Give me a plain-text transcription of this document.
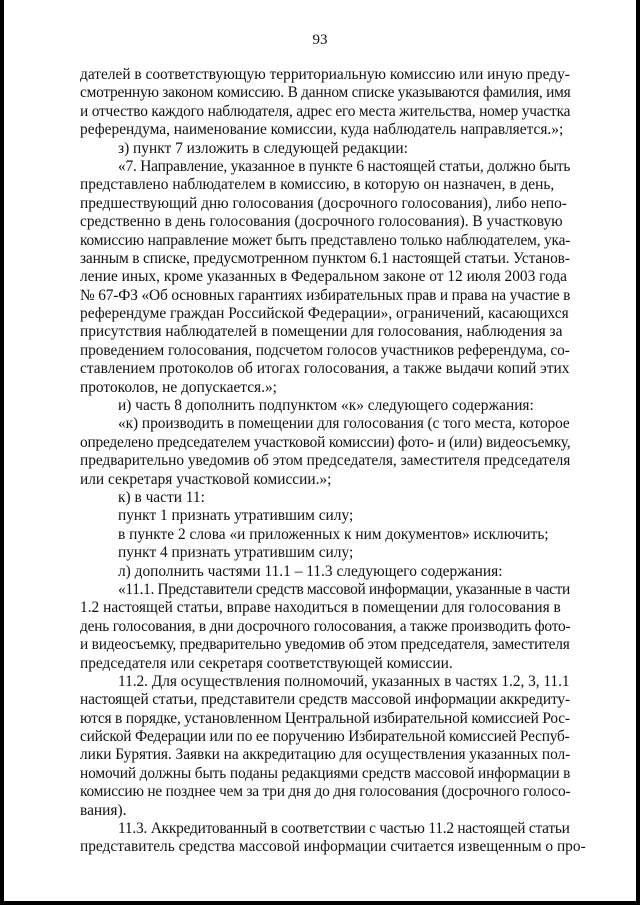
93
дателей в соответствующую территориальную комиссию или иную преду-
смотренную законом комиссию. В данном списке указываются фамилия, имя
и отчество каждого наблюдателя, адрес его места жительства, номер участка
референдума, наименование комиссии, куда наблюдатель направляется.»;
з) пункт 7 изложить в следующей редакции:
«7. Направление, указанное в пункте 6 настоящей статьи, должно быть
представлено наблюдателем в комиссию, в которую он назначен, в день,
предшествующий дню голосования (досрочного голосования), либо непо-
средственно в день голосования (досрочного голосования). В участковую
комиссию направление может быть представлено только наблюдателем, ука-
занным в списке, предусмотренном пунктом 6.1 настоящей статьи. Установ-
ление иных, кроме указанных в Федеральном законе от 12 июля 2003 года
№ 67-ФЗ «Об основных гарантиях избирательных прав и права на участие в
референдуме граждан Российской Федерации», ограничений, касающихся
присутствия наблюдателей в помещении для голосования, наблюдения за
проведением голосования, подсчетом голосов участников референдума, со-
ставлением протоколов об итогах голосования, а также выдачи копий этих
протоколов, не допускается.»;
и) часть 8 дополнить подпунктом «к» следующего содержания:
«к) производить в помещении для голосования (с того места, которое
определено председателем участковой комиссии) фото- и (или) видеосъемку,
предварительно уведомив об этом председателя, заместителя председателя
или секретаря участковой комиссии.»;
к) в части 11:
пункт 1 признать утратившим силу;
в пункте 2 слова «и приложенных к ним документов» исключить;
пункт 4 признать утратившим силу;
л) дополнить частями 11.1 – 11.3 следующего содержания:
«11.1. Представители средств массовой информации, указанные в части
1.2 настоящей статьи, вправе находиться в помещении для голосования в
день голосования, в дни досрочного голосования, а также производить фото-
и видеосъемку, предварительно уведомив об этом председателя, заместителя
председателя или секретаря соответствующей комиссии.
11.2. Для осуществления полномочий, указанных в частях 1.2, 3, 11.1
настоящей статьи, представители средств массовой информации аккредиту-
ются в порядке, установленном Центральной избирательной комиссией Рос-
сийской Федерации или по ее поручению Избирательной комиссией Респуб-
лики Бурятия. Заявки на аккредитацию для осуществления указанных пол-
номочий должны быть поданы редакциями средств массовой информации в
комиссию не позднее чем за три дня до дня голосования (досрочного голосо-
вания).
11.3. Аккредитованный в соответствии с частью 11.2 настоящей статьи
представитель средства массовой информации считается извещенным о про-
